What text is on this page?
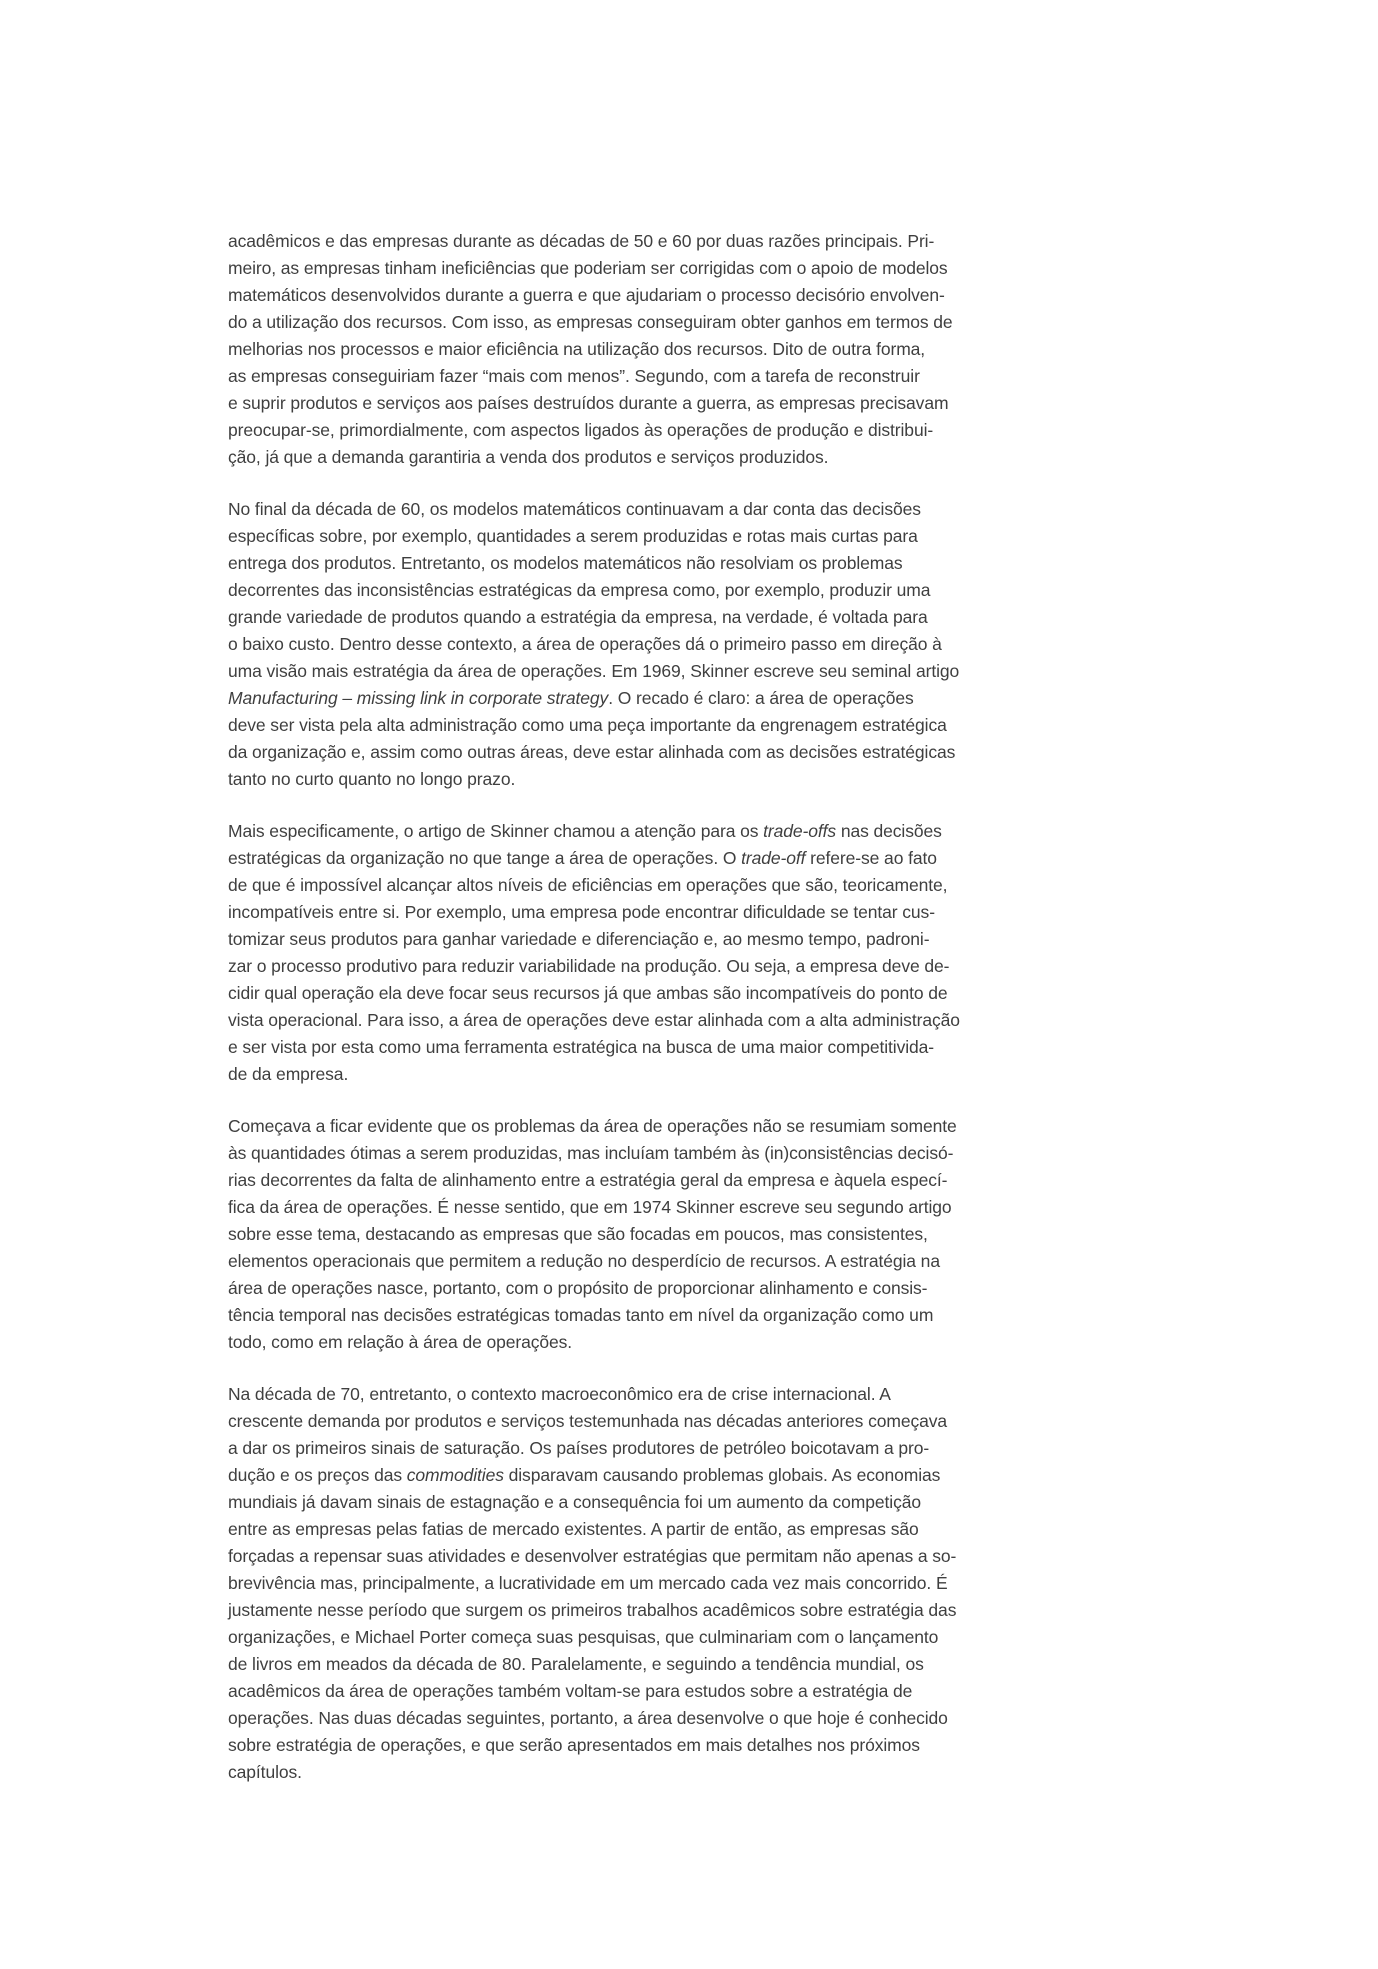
acadêmicos e das empresas durante as décadas de 50 e 60 por duas razões principais. Pri-
meiro, as empresas tinham ineficiências que poderiam ser corrigidas com o apoio de modelos
matemáticos desenvolvidos durante a guerra e que ajudariam o processo decisório envolven-
do a utilização dos recursos. Com isso, as empresas conseguiram obter ganhos em termos de
melhorias nos processos e maior eficiência na utilização dos recursos. Dito de outra forma,
as empresas conseguiriam fazer “mais com menos”. Segundo, com a tarefa de reconstruir
e suprir produtos e serviços aos países destruídos durante a guerra, as empresas precisavam
preocupar-se, primordialmente, com aspectos ligados às operações de produção e distribui-
ção, já que a demanda garantiria a venda dos produtos e serviços produzidos.

No final da década de 60, os modelos matemáticos continuavam a dar conta das decisões
específicas sobre, por exemplo, quantidades a serem produzidas e rotas mais curtas para
entrega dos produtos. Entretanto, os modelos matemáticos não resolviam os problemas
decorrentes das inconsistências estratégicas da empresa como, por exemplo, produzir uma
grande variedade de produtos quando a estratégia da empresa, na verdade, é voltada para
o baixo custo. Dentro desse contexto, a área de operações dá o primeiro passo em direção à
uma visão mais estratégia da área de operações. Em 1969, Skinner escreve seu seminal artigo
Manufacturing – missing link in corporate strategy. O recado é claro: a área de operações
deve ser vista pela alta administração como uma peça importante da engrenagem estratégica
da organização e, assim como outras áreas, deve estar alinhada com as decisões estratégicas
tanto no curto quanto no longo prazo.

Mais especificamente, o artigo de Skinner chamou a atenção para os trade-offs nas decisões
estratégicas da organização no que tange a área de operações. O trade-off refere-se ao fato
de que é impossível alcançar altos níveis de eficiências em operações que são, teoricamente,
incompatíveis entre si. Por exemplo, uma empresa pode encontrar dificuldade se tentar cus-
tomizar seus produtos para ganhar variedade e diferenciação e, ao mesmo tempo, padroni-
zar o processo produtivo para reduzir variabilidade na produção. Ou seja, a empresa deve de-
cidir qual operação ela deve focar seus recursos já que ambas são incompatíveis do ponto de
vista operacional. Para isso, a área de operações deve estar alinhada com a alta administração
e ser vista por esta como uma ferramenta estratégica na busca de uma maior competitivida-
de da empresa.

Começava a ficar evidente que os problemas da área de operações não se resumiam somente
às quantidades ótimas a serem produzidas, mas incluíam também às (in)consistências decisó-
rias decorrentes da falta de alinhamento entre a estratégia geral da empresa e àquela especí-
fica da área de operações. É nesse sentido, que em 1974 Skinner escreve seu segundo artigo
sobre esse tema, destacando as empresas que são focadas em poucos, mas consistentes,
elementos operacionais que permitem a redução no desperdício de recursos. A estratégia na
área de operações nasce, portanto, com o propósito de proporcionar alinhamento e consis-
tência temporal nas decisões estratégicas tomadas tanto em nível da organização como um
todo, como em relação à área de operações.

Na década de 70, entretanto, o contexto macroeconômico era de crise internacional. A
crescente demanda por produtos e serviços testemunhada nas décadas anteriores começava
a dar os primeiros sinais de saturação. Os países produtores de petróleo boicotavam a pro-
dução e os preços das commodities disparavam causando problemas globais. As economias
mundiais já davam sinais de estagnação e a consequência foi um aumento da competição
entre as empresas pelas fatias de mercado existentes. A partir de então, as empresas são
forçadas a repensar suas atividades e desenvolver estratégias que permitam não apenas a so-
brevivência mas, principalmente, a lucratividade em um mercado cada vez mais concorrido. É
justamente nesse período que surgem os primeiros trabalhos acadêmicos sobre estratégia das
organizações, e Michael Porter começa suas pesquisas, que culminariam com o lançamento
de livros em meados da década de 80. Paralelamente, e seguindo a tendência mundial, os
acadêmicos da área de operações também voltam-se para estudos sobre a estratégia de
operações. Nas duas décadas seguintes, portanto, a área desenvolve o que hoje é conhecido
sobre estratégia de operações, e que serão apresentados em mais detalhes nos próximos
capítulos.
